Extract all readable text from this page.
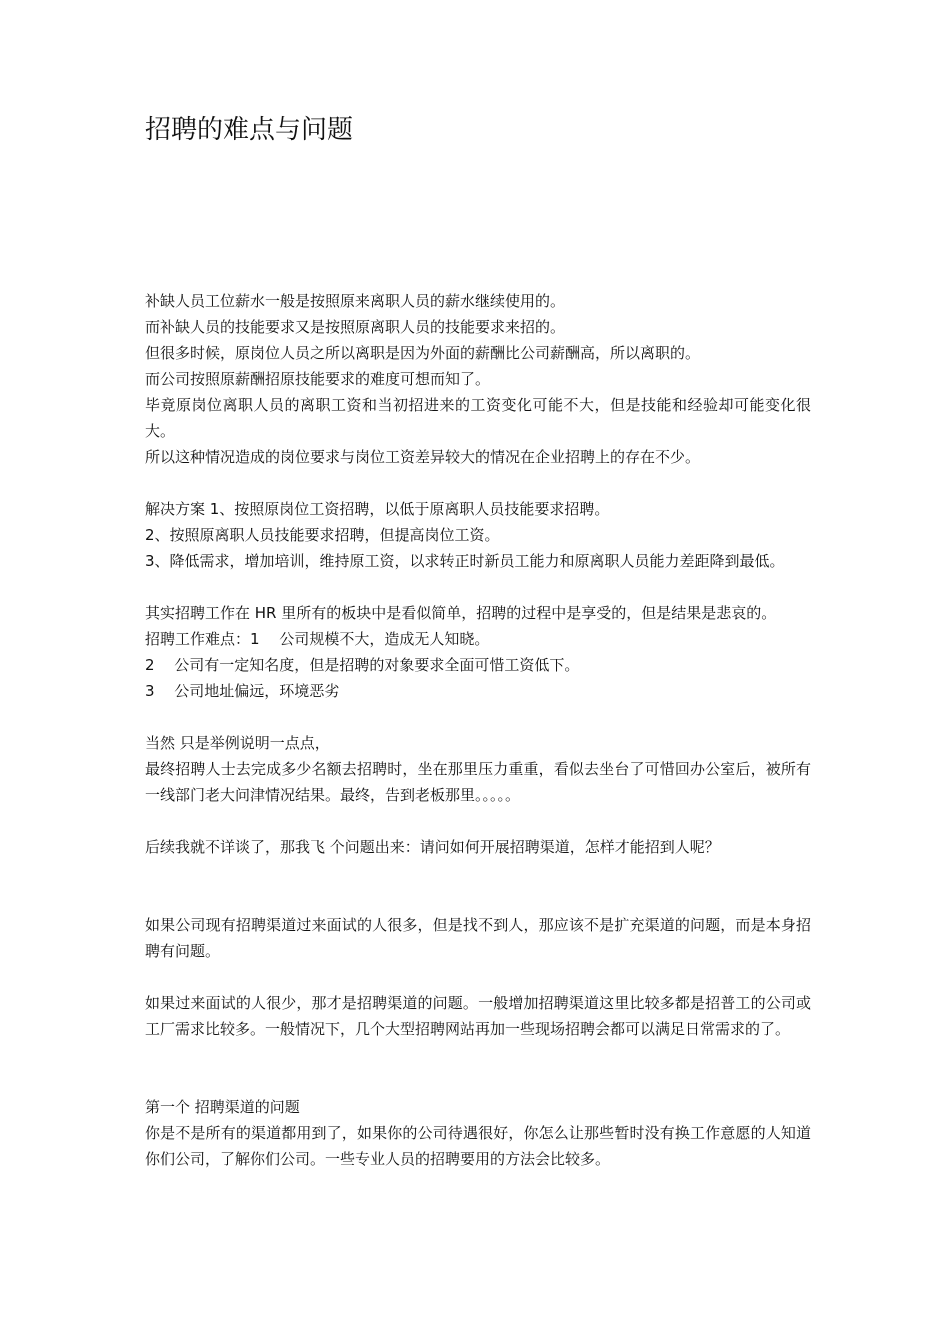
招聘的难点与问题
补缺人员工位薪水一般是按照原来离职人员的薪水继续使用的。
而补缺人员的技能要求又是按照原离职人员的技能要求来招的。
但很多时候，原岗位人员之所以离职是因为外面的薪酬比公司薪酬高，所以离职的。
而公司按照原薪酬招原技能要求的难度可想而知了。
毕竟原岗位离职人员的离职工资和当初招进来的工资变化可能不大，但是技能和经验却可能变化很大。
所以这种情况造成的岗位要求与岗位工资差异较大的情况在企业招聘上的存在不少。
解决方案 1、按照原岗位工资招聘，以低于原离职人员技能要求招聘。
2、按照原离职人员技能要求招聘，但提高岗位工资。
3、降低需求，增加培训，维持原工资，以求转正时新员工能力和原离职人员能力差距降到最低。
其实招聘工作在 HR 里所有的板块中是看似简单，招聘的过程中是享受的，但是结果是悲哀的。
招聘工作难点：1　 公司规模不大，造成无人知晓。
2　 公司有一定知名度，但是招聘的对象要求全面可惜工资低下。
3　 公司地址偏远，环境恶劣
当然 只是举例说明一点点，
最终招聘人士去完成多少名额去招聘时，坐在那里压力重重，看似去坐台了可惜回办公室后，被所有一线部门老大问津情况结果。最终，告到老板那里。。。。。
后续我就不详谈了，那我飞 个问题出来：请问如何开展招聘渠道，怎样才能招到人呢？
如果公司现有招聘渠道过来面试的人很多，但是找不到人，那应该不是扩充渠道的问题，而是本身招聘有问题。
如果过来面试的人很少，那才是招聘渠道的问题。一般增加招聘渠道这里比较多都是招普工的公司或工厂需求比较多。一般情况下，几个大型招聘网站再加一些现场招聘会都可以满足日常需求的了。
第一个 招聘渠道的问题
你是不是所有的渠道都用到了，如果你的公司待遇很好，你怎么让那些暂时没有换工作意愿的人知道你们公司，了解你们公司。一些专业人员的招聘要用的方法会比较多。
